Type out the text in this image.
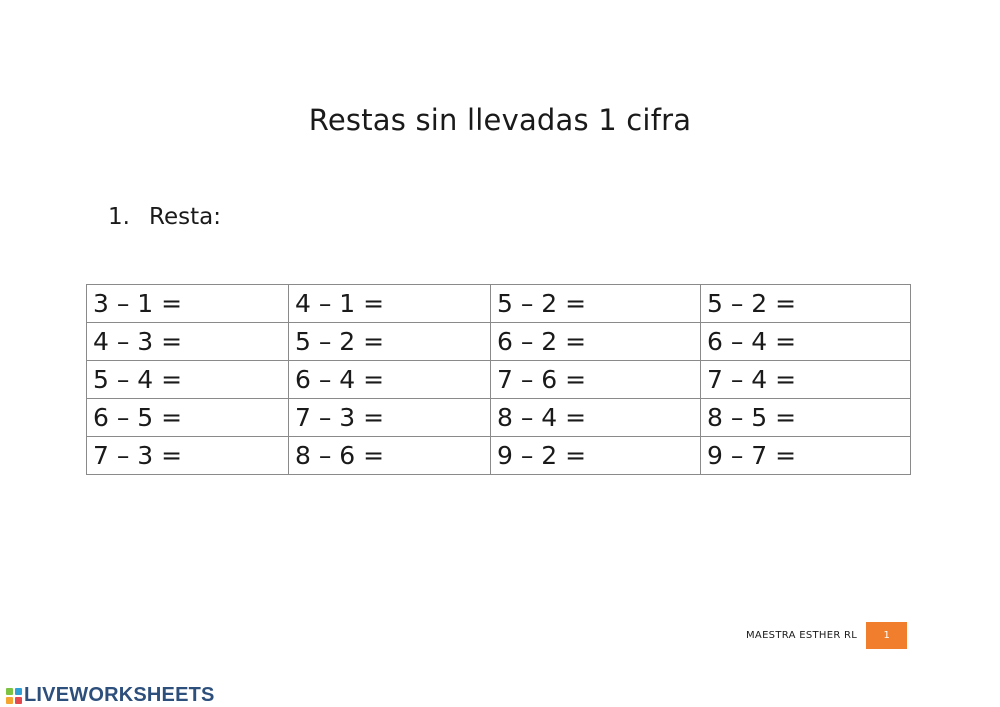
Restas sin llevadas 1 cifra
1. Resta:
3 – 1 =	4 – 1 =	5 – 2 =	5 – 2 =
4 – 3 =	5 – 2 =	6 – 2 =	6 – 4 =
5 – 4 =	6 – 4 =	7 – 6 =	7 – 4 =
6 – 5 =	7 – 3 =	8 – 4 =	8 – 5 =
7 – 3 =	8 – 6 =	9 – 2 =	9 – 7 =
MAESTRA ESTHER RL	1
LIVEWORKSHEETS
